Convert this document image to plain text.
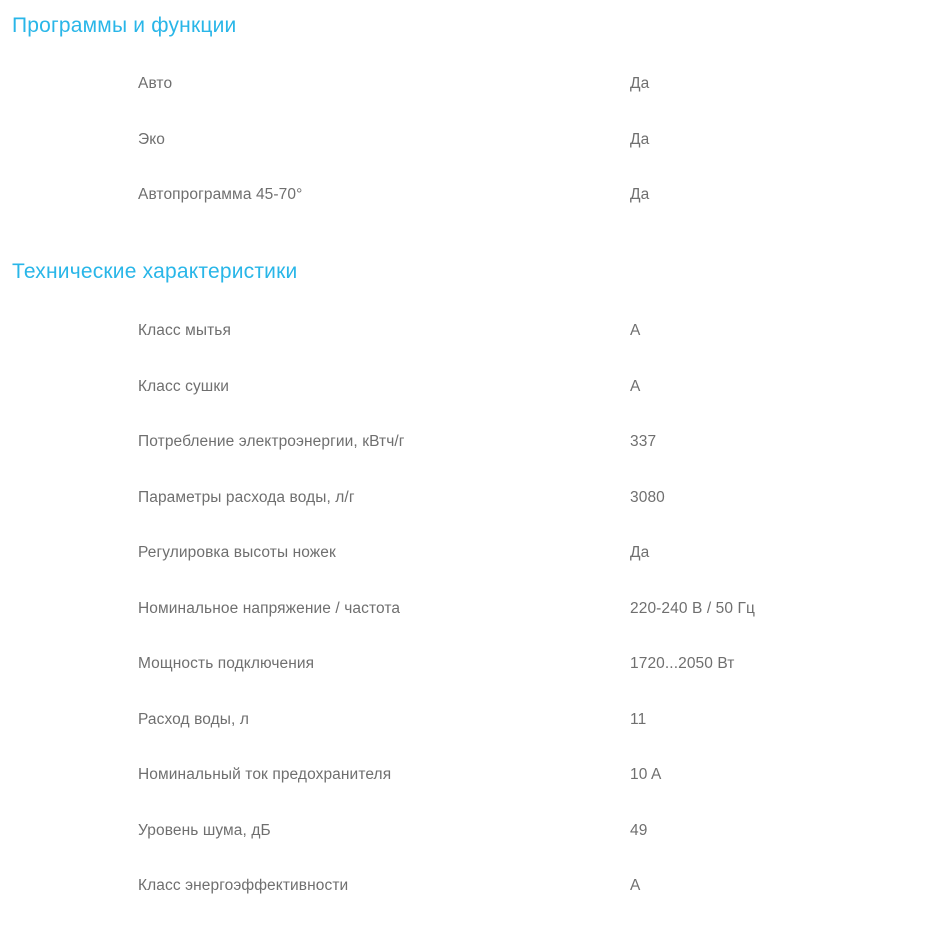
Программы и функции
Авто	Да
Эко	Да
Автопрограмма 45-70°	Да
Технические характеристики
Класс мытья	A
Класс сушки	A
Потребление электроэнергии, кВтч/г	337
Параметры расхода воды, л/г	3080
Регулировка высоты ножек	Да
Номинальное напряжение / частота	220-240 В / 50 Гц
Мощность подключения	1720...2050 Вт
Расход воды, л	11
Номинальный ток предохранителя	10 A
Уровень шума, дБ	49
Класс энергоэффективности	A
